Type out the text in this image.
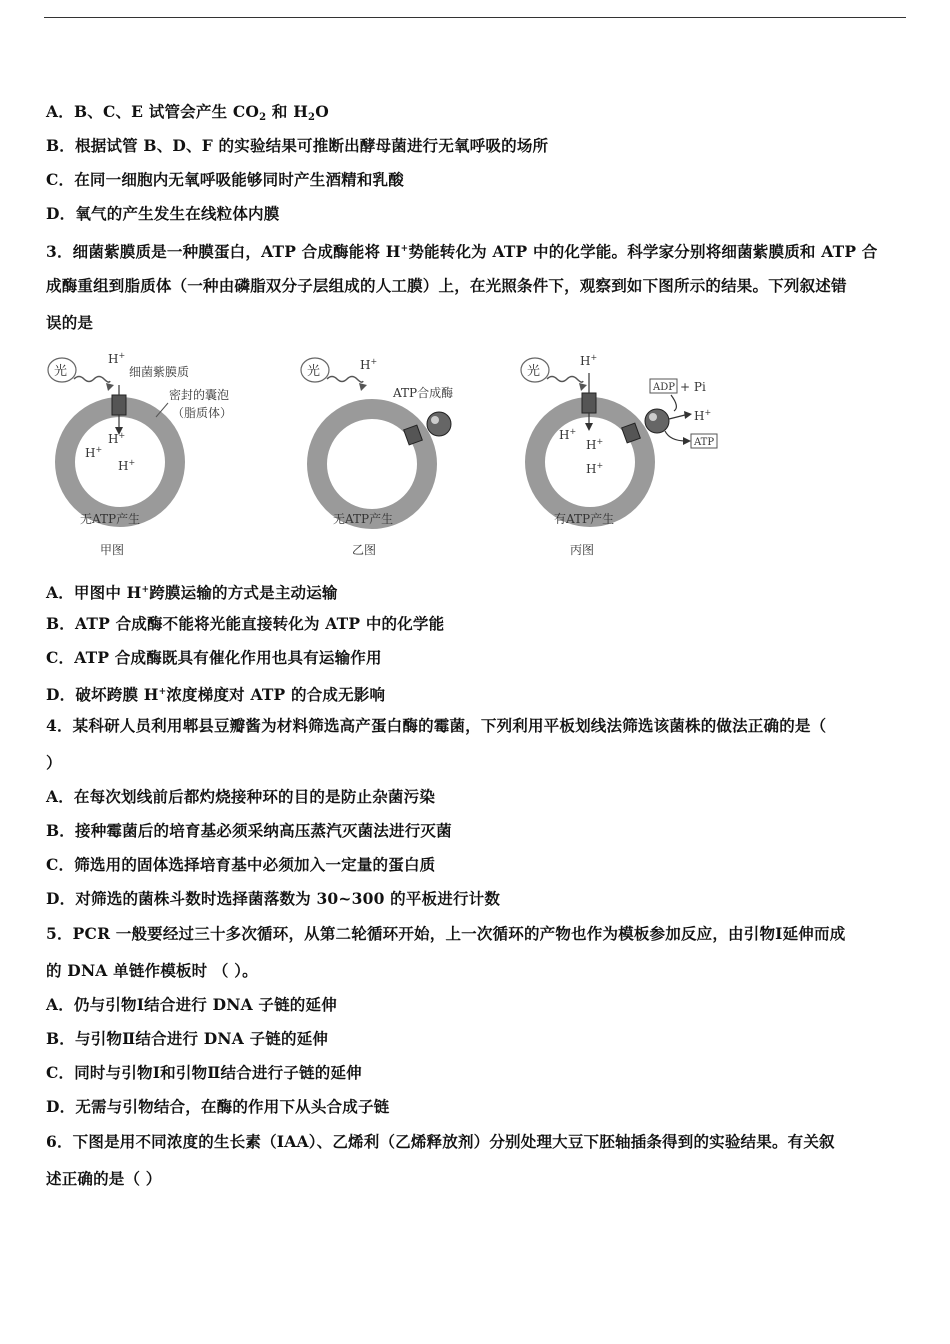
A．B、C、E 试管会产生 $CO_2$ 和 $H_2O$
B．根据试管 B、D、F 的实验结果可推断出酵母菌进行无氧呼吸的场所
C．在同一细胞内无氧呼吸能够同时产生酒精和乳酸
D．氧气的产生发生在线粒体内膜
3．细菌紫膜质是一种膜蛋白，ATP 合成酶能将 H+势能转化为 ATP 中的化学能。科学家分别将细菌紫膜质和 ATP 合
成酶重组到脂质体（一种由磷脂双分子层组成的人工膜）上，在光照条件下，观察到如下图所示的结果。下列叙述错
误的是
光
H+
细菌紫膜质
密封的囊泡
（脂质体）
H+
H+
H+
无ATP产生
甲图
光	H+
ATP合成酶
无ATP产生
乙图
光
H+
H+
H+
H+
ADP + Pi
H+
ATP
有ATP产生
丙图
A．甲图中 H+跨膜运输的方式是主动运输
B．ATP 合成酶不能将光能直接转化为 ATP 中的化学能
C．ATP 合成酶既具有催化作用也具有运输作用
D．破坏跨膜 H+浓度梯度对 ATP 的合成无影响
4．某科研人员利用郫县豆瓣酱为材料筛选高产蛋白酶的霉菌，下列利用平板划线法筛选该菌株的做法正确的是（
）
A．在每次划线前后都灼烧接种环的目的是防止杂菌污染
B．接种霉菌后的培育基必须采纳高压蒸汽灭菌法进行灭菌
C．筛选用的固体选择培育基中必须加入一定量的蛋白质
D．对筛选的菌株斗数时选择菌落数为 30~300 的平板进行计数
5．PCR 一般要经过三十多次循环，从第二轮循环开始，上一次循环的产物也作为模板参加反应，由引物Ⅰ延伸而成
的 DNA 单链作模板时 （ ）。
A．仍与引物Ⅰ结合进行 DNA 子链的延伸
B．与引物Ⅱ结合进行 DNA 子链的延伸
C．同时与引物Ⅰ和引物Ⅱ结合进行子链的延伸
D．无需与引物结合，在酶的作用下从头合成子链
6．下图是用不同浓度的生长素（IAA）、乙烯利（乙烯释放剂）分别处理大豆下胚轴插条得到的实验结果。有关叙
述正确的是（ ）
